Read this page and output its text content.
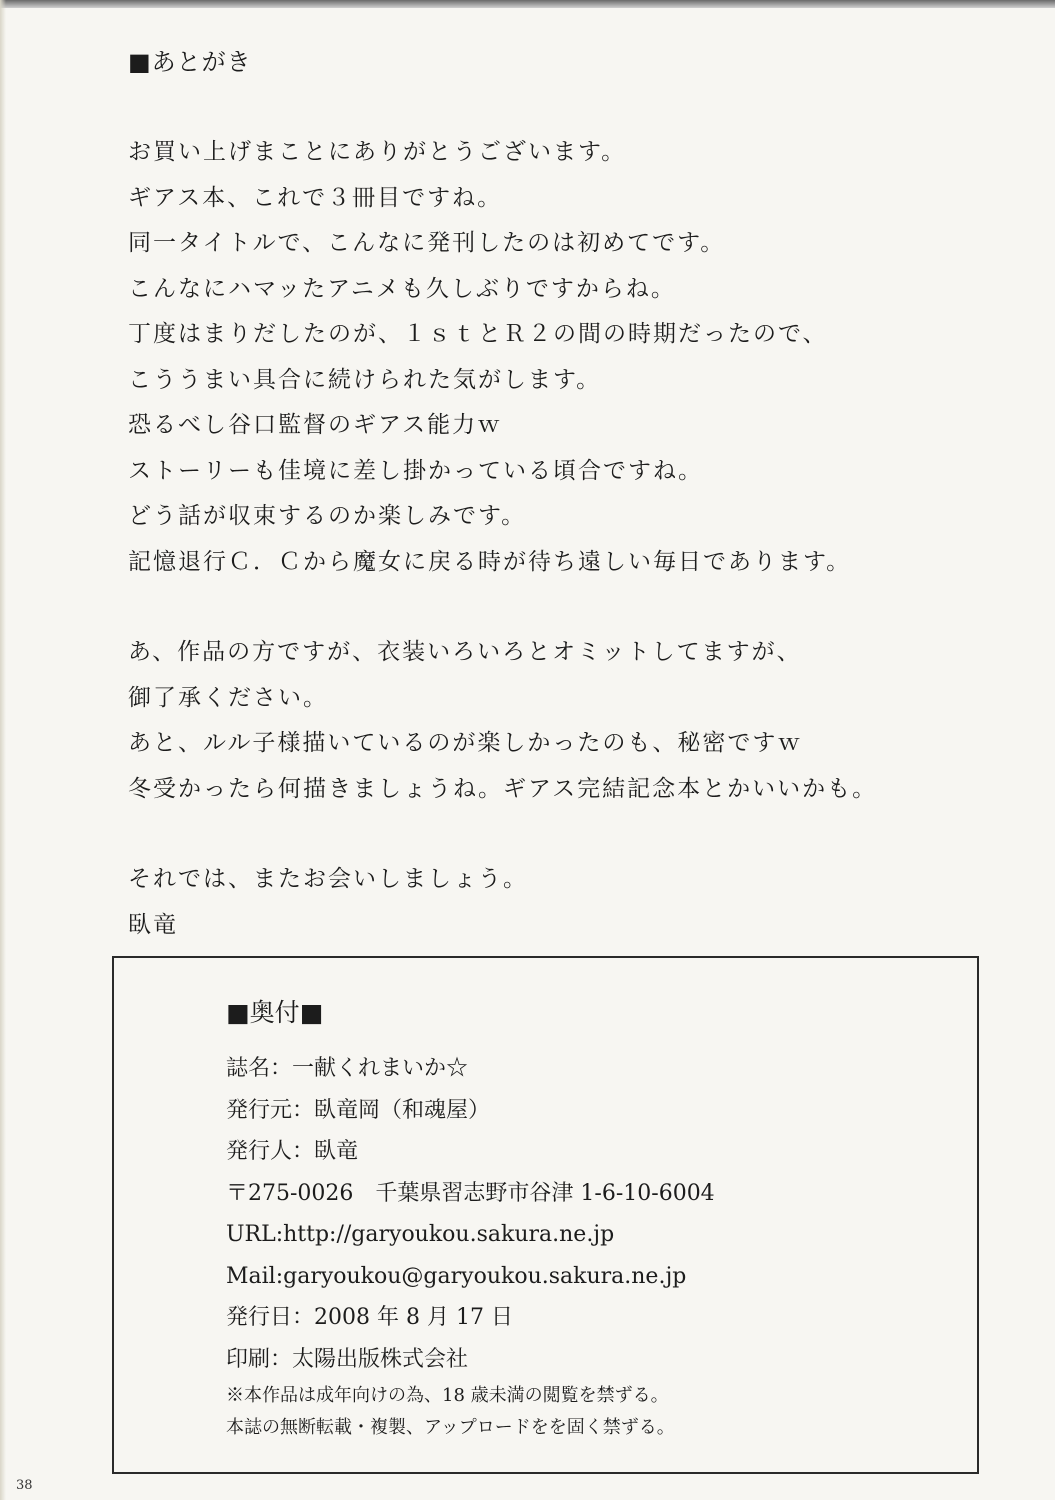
■あとがき
お買い上げまことにありがとうございます。
ギアス本、これで３冊目ですね。
同一タイトルで、こんなに発刊したのは初めてです。
こんなにハマッたアニメも久しぶりですからね。
丁度はまりだしたのが、１ｓｔとＲ２の間の時期だったので、
こううまい具合に続けられた気がします。
恐るべし谷口監督のギアス能力ｗ
ストーリーも佳境に差し掛かっている頃合ですね。
どう話が収束するのか楽しみです。
記憶退行Ｃ．Ｃから魔女に戻る時が待ち遠しい毎日であります。
あ、作品の方ですが、衣装いろいろとオミットしてますが、
御了承ください。
あと、ルル子様描いているのが楽しかったのも、秘密ですｗ
冬受かったら何描きましょうね。ギアス完結記念本とかいいかも。
それでは、またお会いしましょう。
臥竜
■奥付■
誌名：一献くれまいか☆
発行元：臥竜岡（和魂屋）
発行人：臥竜
〒275-0026　千葉県習志野市谷津 1-6-10-6004
URL:http://garyoukou.sakura.ne.jp
Mail:garyoukou@garyoukou.sakura.ne.jp
発行日：2008 年 8 月 17 日
印刷：太陽出版株式会社
※本作品は成年向けの為、18 歳未満の閲覧を禁ずる。
本誌の無断転載・複製、アップロードをを固く禁ずる。
38
